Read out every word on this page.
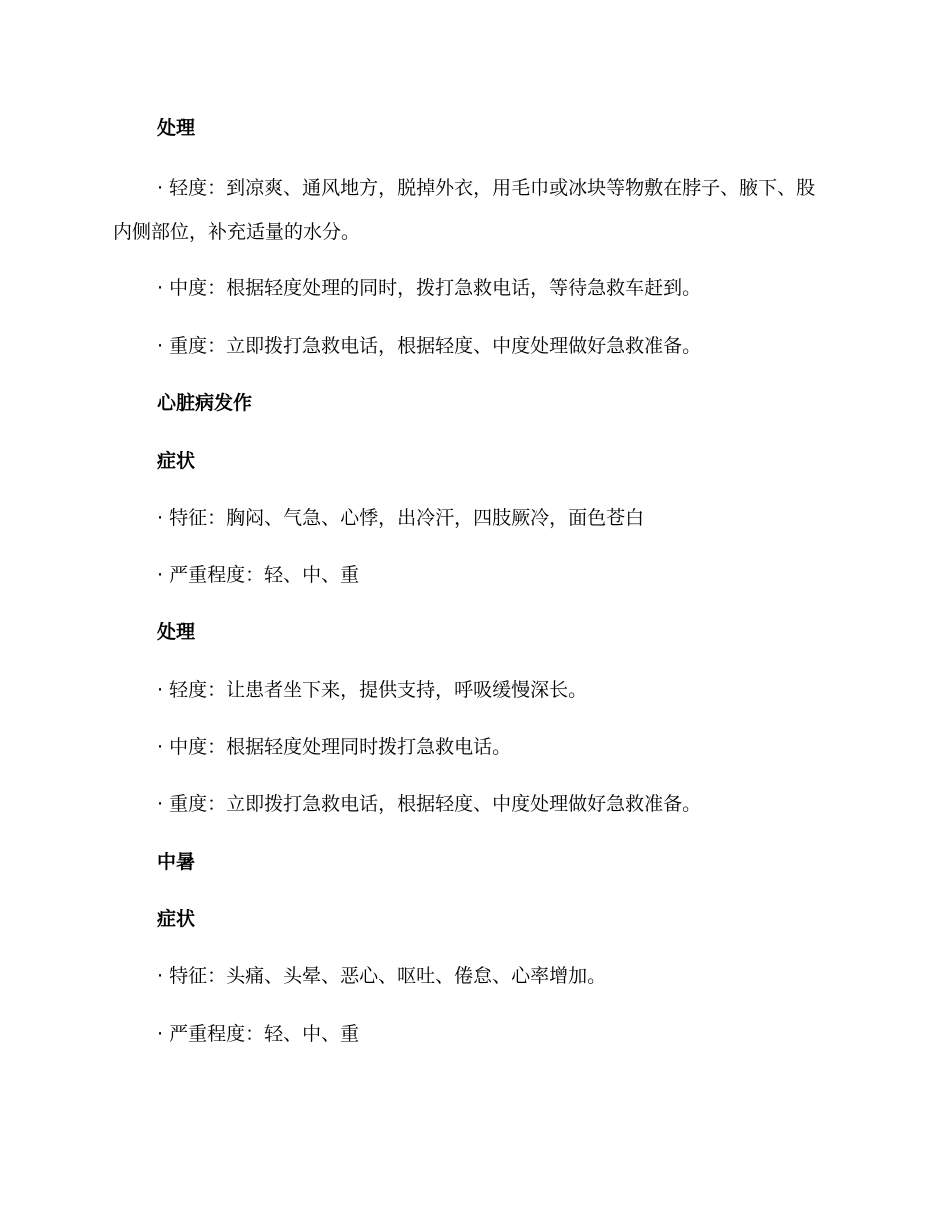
处理
· 轻度：到凉爽、通风地方，脱掉外衣，用毛巾或冰块等物敷在脖子、腋下、股内侧部位，补充适量的水分。
· 中度：根据轻度处理的同时，拨打急救电话，等待急救车赶到。
· 重度：立即拨打急救电话，根据轻度、中度处理做好急救准备。
心脏病发作
症状
· 特征：胸闷、气急、心悸，出冷汗，四肢厥冷，面色苍白
· 严重程度：轻、中、重
处理
· 轻度：让患者坐下来，提供支持，呼吸缓慢深长。
· 中度：根据轻度处理同时拨打急救电话。
· 重度：立即拨打急救电话，根据轻度、中度处理做好急救准备。
中暑
症状
· 特征：头痛、头晕、恶心、呕吐、倦怠、心率增加。
· 严重程度：轻、中、重
